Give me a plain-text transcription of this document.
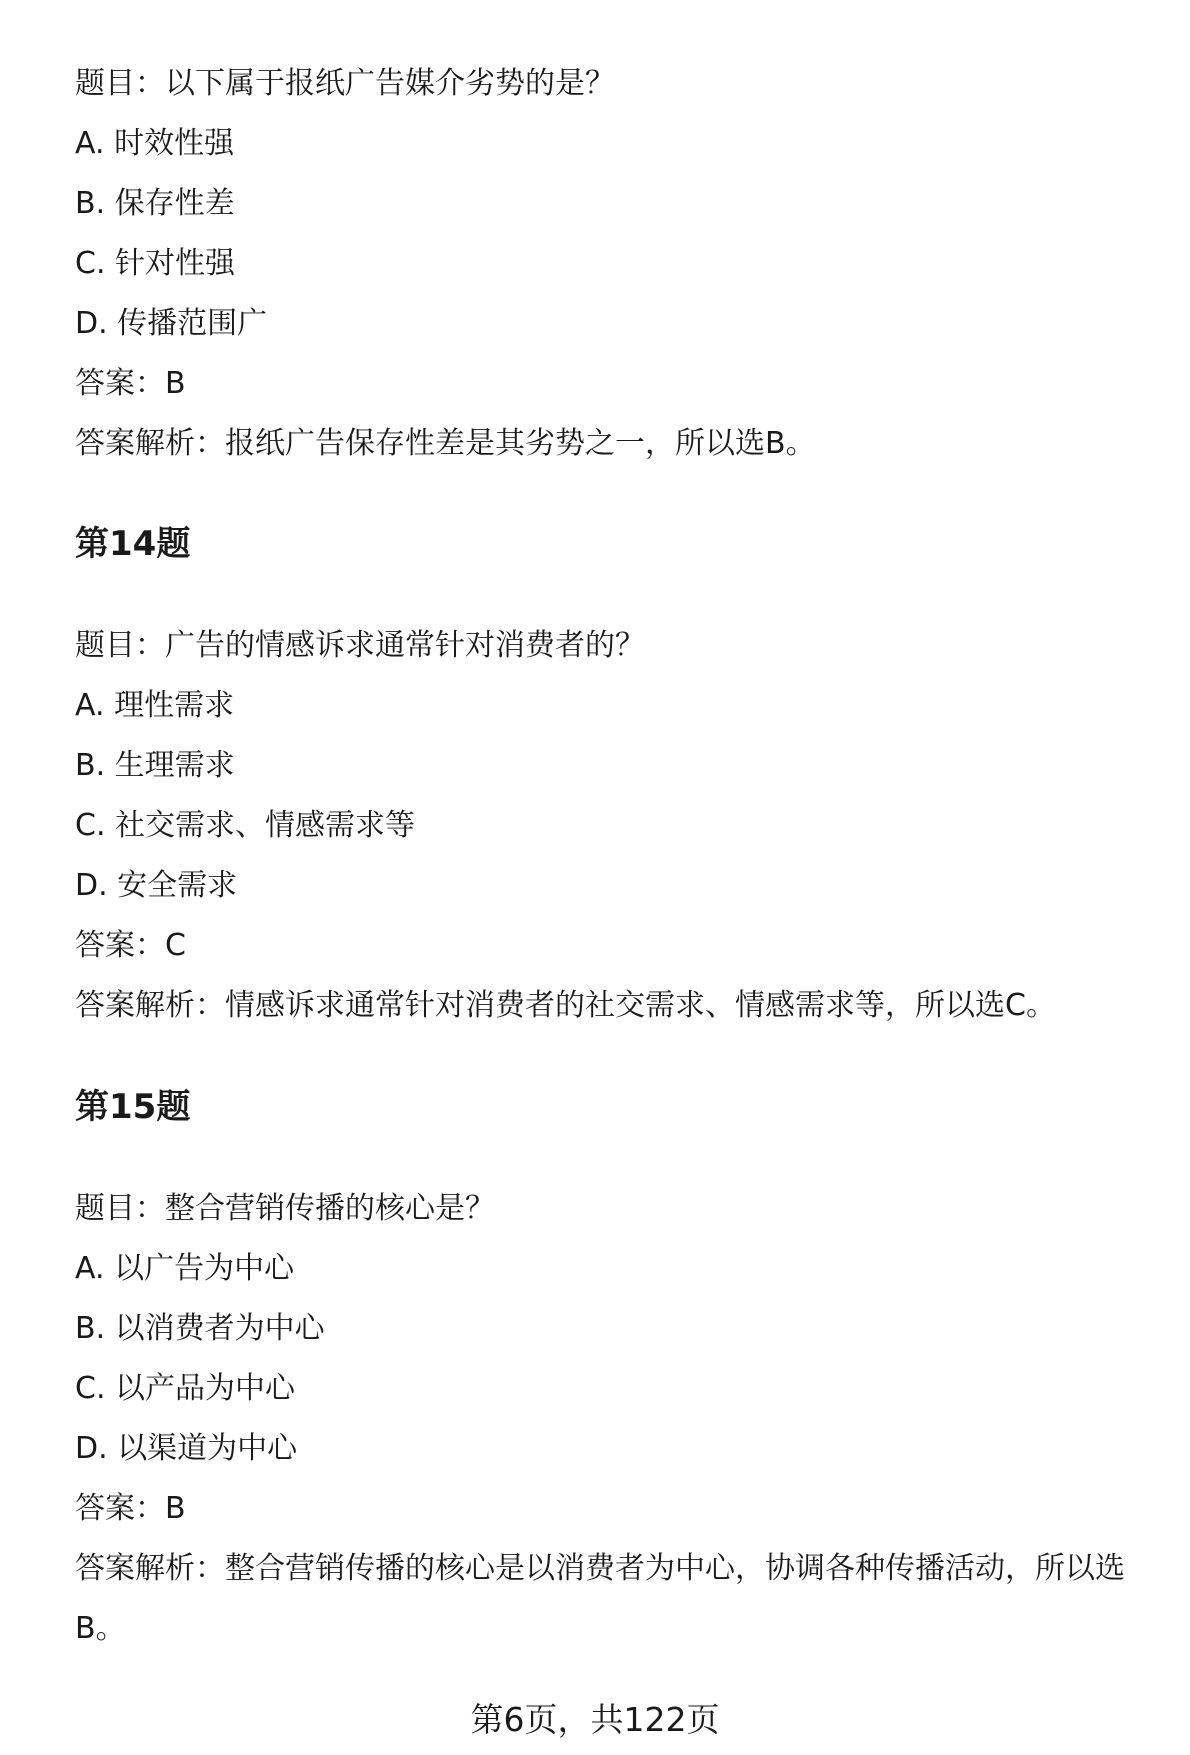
题目：以下属于报纸广告媒介劣势的是？
A. 时效性强
B. 保存性差
C. 针对性强
D. 传播范围广
答案：B
答案解析：报纸广告保存性差是其劣势之一，所以选B。
第14题
题目：广告的情感诉求通常针对消费者的？
A. 理性需求
B. 生理需求
C. 社交需求、情感需求等
D. 安全需求
答案：C
答案解析：情感诉求通常针对消费者的社交需求、情感需求等，所以选C。
第15题
题目：整合营销传播的核心是？
A. 以广告为中心
B. 以消费者为中心
C. 以产品为中心
D. 以渠道为中心
答案：B
答案解析：整合营销传播的核心是以消费者为中心，协调各种传播活动，所以选B。
第6页，共122页
